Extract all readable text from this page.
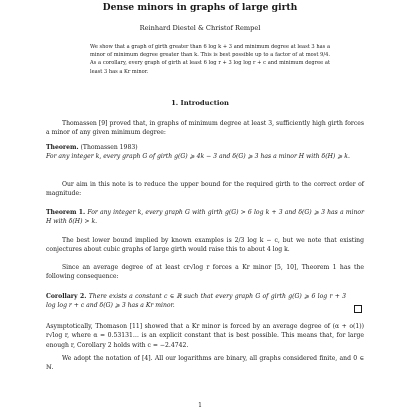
Dense minors in graphs of large girth
Reinhard Diestel & Christof Rempel
We show that a graph of girth greater than 6 log k + 3 and minimum degree at least 3 has a minor of minimum degree greater than k. This is best possible up to a factor of at most 9/4. As a corollary, every graph of girth at least 6 log r + 3 log log r + c and minimum degree at least 3 has a Kr minor.
1. Introduction
Thomassen [9] proved that, in graphs of minimum degree at least 3, sufficiently high girth forces a minor of any given minimum degree:
Theorem. (Thomassen 1983)
For any integer k, every graph G of girth g(G) ⩾ 4k − 3 and δ(G) ⩾ 3 has a minor H with δ(H) ⩾ k.
Our aim in this note is to reduce the upper bound for the required girth to the correct order of magnitude:
Theorem 1. For any integer k, every graph G with girth g(G) > 6 log k + 3 and δ(G) ⩾ 3 has a minor H with δ(H) > k.
The best lower bound implied by known examples is 2/3 log k − c, but we note that existing conjectures about cubic graphs of large girth would raise this to about 4 log k.
Since an average degree of at least cr√log r forces a Kr minor [5, 10], Theorem 1 has the following consequence:
Corollary 2. There exists a constant c ∈ ℝ such that every graph G of girth g(G) ⩾ 6 log r + 3 log log r + c and δ(G) ⩾ 3 has a Kr minor.
Asymptotically, Thomason [11] showed that a Kr minor is forced by an average degree of (α + o(1)) r√log r, where α = 0.53131… is an explicit constant that is best possible. This means that, for large enough r, Corollary 2 holds with c = −2.4742.
We adopt the notation of [4]. All our logarithms are binary, all graphs considered finite, and 0 ∈ ℕ.
1
